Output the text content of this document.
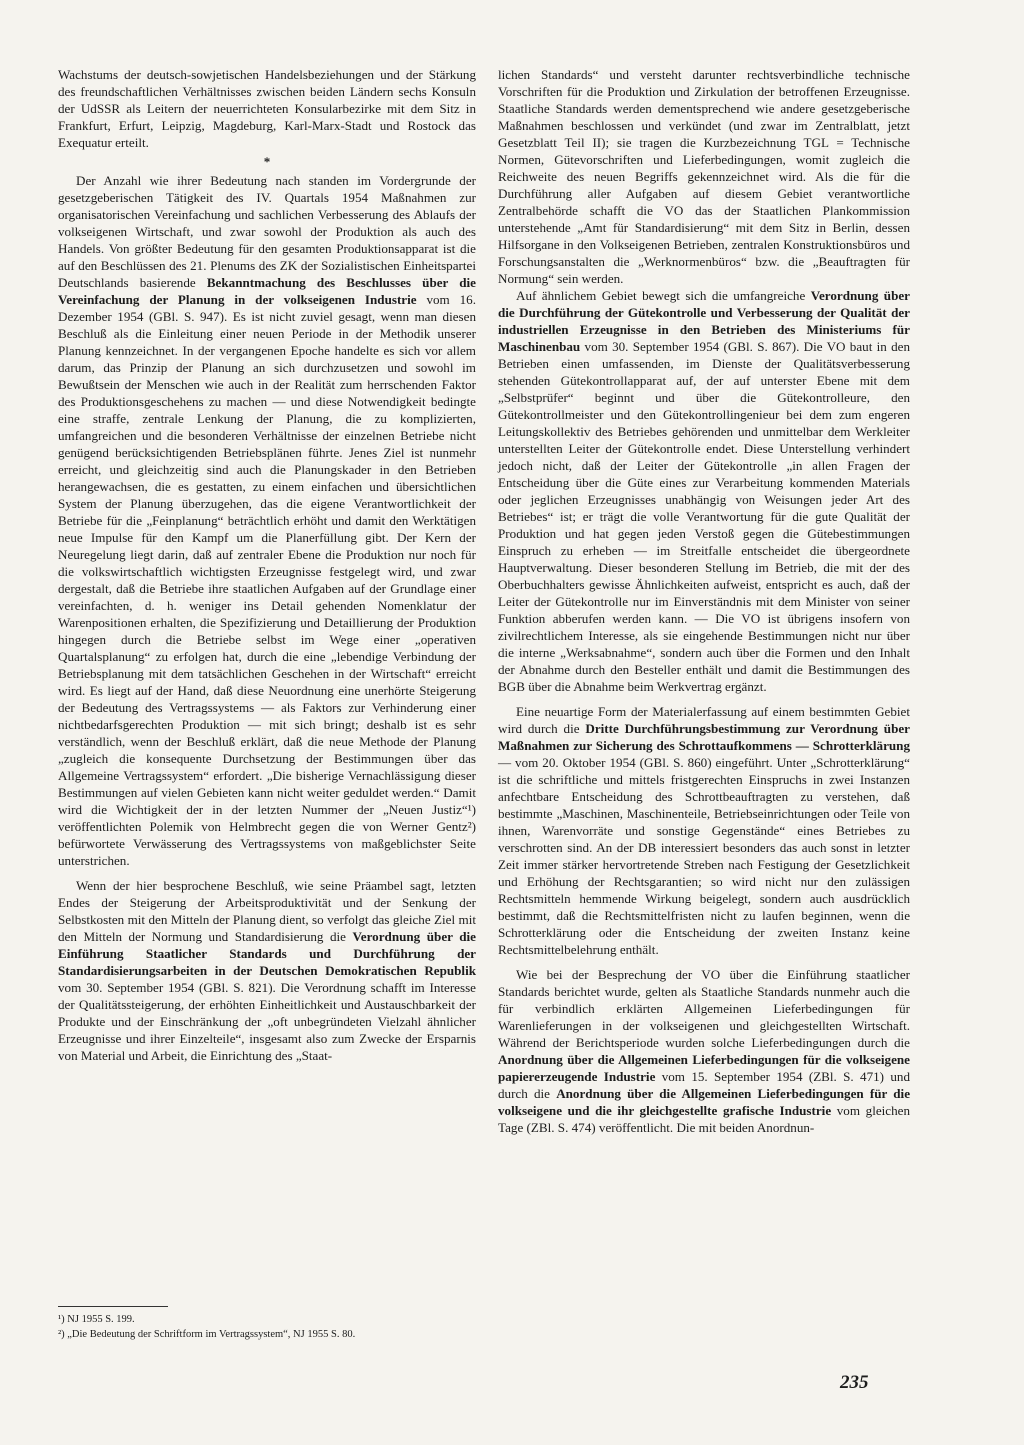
Wachstums der deutsch-sowjetischen Handelsbeziehungen und der Stärkung des freundschaftlichen Verhältnisses zwischen beiden Ländern sechs Konsuln der UdSSR als Leitern der neuerrichteten Konsularbezirke mit dem Sitz in Frankfurt, Erfurt, Leipzig, Magdeburg, Karl-Marx-Stadt und Rostock das Exequatur erteilt.

*

Der Anzahl wie ihrer Bedeutung nach standen im Vordergrunde der gesetzgeberischen Tätigkeit des IV. Quartals 1954 Maßnahmen zur organisatorischen Vereinfachung und sachlichen Verbesserung des Ablaufs der volkseigenen Wirtschaft, und zwar sowohl der Produktion als auch des Handels. Von größter Bedeutung für den gesamten Produktionsapparat ist die auf den Beschlüssen des 21. Plenums des ZK der Sozialistischen Einheitspartei Deutschlands basierende Bekanntmachung des Beschlusses über die Vereinfachung der Planung in der volkseigenen Industrie vom 16. Dezember 1954 (GBl. S. 947). Es ist nicht zuviel gesagt, wenn man diesen Beschluß als die Einleitung einer neuen Periode in der Methodik unserer Planung kennzeichnet. In der vergangenen Epoche handelte es sich vor allem darum, das Prinzip der Planung an sich durchzusetzen und sowohl im Bewußtsein der Menschen wie auch in der Realität zum herrschenden Faktor des Produktionsgeschehens zu machen — und diese Notwendigkeit bedingte eine straffe, zentrale Lenkung der Planung, die zu komplizierten, umfangreichen und die besonderen Verhältnisse der einzelnen Betriebe nicht genügend berücksichtigenden Betriebsplänen führte. Jenes Ziel ist nunmehr erreicht, und gleichzeitig sind auch die Planungskader in den Betrieben herangewachsen, die es gestatten, zu einem einfachen und übersichtlichen System der Planung überzugehen, das die eigene Verantwortlichkeit der Betriebe für die „Feinplanung“ beträchtlich erhöht und damit den Werktätigen neue Impulse für den Kampf um die Planerfüllung gibt. Der Kern der Neuregelung liegt darin, daß auf zentraler Ebene die Produktion nur noch für die volkswirtschaftlich wichtigsten Erzeugnisse festgelegt wird, und zwar dergestalt, daß die Betriebe ihre staatlichen Aufgaben auf der Grundlage einer vereinfachten, d. h. weniger ins Detail gehenden Nomenklatur der Warenpositionen erhalten, die Spezifizierung und Detaillierung der Produktion hingegen durch die Betriebe selbst im Wege einer „operativen Quartalsplanung“ zu erfolgen hat, durch die eine „lebendige Verbindung der Betriebsplanung mit dem tatsächlichen Geschehen in der Wirtschaft“ erreicht wird. Es liegt auf der Hand, daß diese Neuordnung eine unerhörte Steigerung der Bedeutung des Vertragssystems — als Faktors zur Verhinderung einer nichtbedarfsgerechten Produktion — mit sich bringt; deshalb ist es sehr verständlich, wenn der Beschluß erklärt, daß die neue Methode der Planung „zugleich die konsequente Durchsetzung der Bestimmungen über das Allgemeine Vertragssystem“ erfordert. „Die bisherige Vernachlässigung dieser Bestimmungen auf vielen Gebieten kann nicht weiter geduldet werden.“ Damit wird die Wichtigkeit der in der letzten Nummer der „Neuen Justiz“¹) veröffentlichten Polemik von Helmbrecht gegen die von Werner Gentz²) befürwortete Verwässerung des Vertragssystems von maßgeblichster Seite unterstrichen.

Wenn der hier besprochene Beschluß, wie seine Präambel sagt, letzten Endes der Steigerung der Arbeitsproduktivität und der Senkung der Selbstkosten mit den Mitteln der Planung dient, so verfolgt das gleiche Ziel mit den Mitteln der Normung und Standardisierung die Verordnung über die Einführung Staatlicher Standards und Durchführung der Standardisierungsarbeiten in der Deutschen Demokratischen Republik vom 30. September 1954 (GBl. S. 821). Die Verordnung schafft im Interesse der Qualitätssteigerung, der erhöhten Einheitlichkeit und Austauschbarkeit der Produkte und der Einschränkung der „oft unbegründeten Vielzahl ähnlicher Erzeugnisse und ihrer Einzelteile“, insgesamt also zum Zwecke der Ersparnis von Material und Arbeit, die Einrichtung des „Staat-

lichen Standards“ und versteht darunter rechtsverbindliche technische Vorschriften für die Produktion und Zirkulation der betroffenen Erzeugnisse. Staatliche Standards werden dementsprechend wie andere gesetzgeberische Maßnahmen beschlossen und verkündet (und zwar im Zentralblatt, jetzt Gesetzblatt Teil II); sie tragen die Kurzbezeichnung TGL = Technische Normen, Gütevorschriften und Lieferbedingungen, womit zugleich die Reichweite des neuen Begriffs gekennzeichnet wird. Als die für die Durchführung aller Aufgaben auf diesem Gebiet verantwortliche Zentralbehörde schafft die VO das der Staatlichen Plankommission unterstehende „Amt für Standardisierung“ mit dem Sitz in Berlin, dessen Hilfsorgane in den Volkseigenen Betrieben, zentralen Konstruktionsbüros und Forschungsanstalten die „Werknormenbüros“ bzw. die „Beauftragten für Normung“ sein werden.

Auf ähnlichem Gebiet bewegt sich die umfangreiche Verordnung über die Durchführung der Gütekontrolle und Verbesserung der Qualität der industriellen Erzeugnisse in den Betrieben des Ministeriums für Maschinenbau vom 30. September 1954 (GBl. S. 867). Die VO baut in den Betrieben einen umfassenden, im Dienste der Qualitätsverbesserung stehenden Gütekontrollapparat auf, der auf unterster Ebene mit dem „Selbstprüfer“ beginnt und über die Gütekontrolleure, den Gütekontrollmeister und den Gütekontrollingenieur bei dem zum engeren Leitungskollektiv des Betriebes gehörenden und unmittelbar dem Werkleiter unterstellten Leiter der Gütekontrolle endet. Diese Unterstellung verhindert jedoch nicht, daß der Leiter der Gütekontrolle „in allen Fragen der Entscheidung über die Güte eines zur Verarbeitung kommenden Materials oder jeglichen Erzeugnisses unabhängig von Weisungen jeder Art des Betriebes“ ist; er trägt die volle Verantwortung für die gute Qualität der Produktion und hat gegen jeden Verstoß gegen die Gütebestimmungen Einspruch zu erheben — im Streitfalle entscheidet die übergeordnete Hauptverwaltung. Dieser besonderen Stellung im Betrieb, die mit der des Oberbuchhalters gewisse Ähnlichkeiten aufweist, entspricht es auch, daß der Leiter der Gütekontrolle nur im Einverständnis mit dem Minister von seiner Funktion abberufen werden kann. — Die VO ist übrigens insofern von zivilrechtlichem Interesse, als sie eingehende Bestimmungen nicht nur über die interne „Werksabnahme“, sondern auch über die Formen und den Inhalt der Abnahme durch den Besteller enthält und damit die Bestimmungen des BGB über die Abnahme beim Werkvertrag ergänzt.

Eine neuartige Form der Materialerfassung auf einem bestimmten Gebiet wird durch die Dritte Durchführungsbestimmung zur Verordnung über Maßnahmen zur Sicherung des Schrottaufkommens — Schrotterklärung — vom 20. Oktober 1954 (GBl. S. 860) eingeführt. Unter „Schrotterklärung“ ist die schriftliche und mittels fristgerechten Einspruchs in zwei Instanzen anfechtbare Entscheidung des Schrottbeauftragten zu verstehen, daß bestimmte „Maschinen, Maschinenteile, Betriebseinrichtungen oder Teile von ihnen, Warenvorräte und sonstige Gegenstände“ eines Betriebes zu verschrotten sind. An der DB interessiert besonders das auch sonst in letzter Zeit immer stärker hervortretende Streben nach Festigung der Gesetzlichkeit und Erhöhung der Rechtsgarantien; so wird nicht nur den zulässigen Rechtsmitteln hemmende Wirkung beigelegt, sondern auch ausdrücklich bestimmt, daß die Rechtsmittelfristen nicht zu laufen beginnen, wenn die Schrotterklärung oder die Entscheidung der zweiten Instanz keine Rechtsmittelbelehrung enthält.

Wie bei der Besprechung der VO über die Einführung staatlicher Standards berichtet wurde, gelten als Staatliche Standards nunmehr auch die für verbindlich erklärten Allgemeinen Lieferbedingungen für Warenlieferungen in der volkseigenen und gleichgestellten Wirtschaft. Während der Berichtsperiode wurden solche Lieferbedingungen durch die Anordnung über die Allgemeinen Lieferbedingungen für die volkseigene papiererzeugende Industrie vom 15. September 1954 (ZBl. S. 471) und durch die Anordnung über die Allgemeinen Lieferbedingungen für die volkseigene und die ihr gleichgestellte grafische Industrie vom gleichen Tage (ZBl. S. 474) veröffentlicht. Die mit beiden Anordnun-

¹) NJ 1955 S. 199.

²) „Die Bedeutung der Schriftform im Vertragssystem“, NJ 1955 S. 80.

235
